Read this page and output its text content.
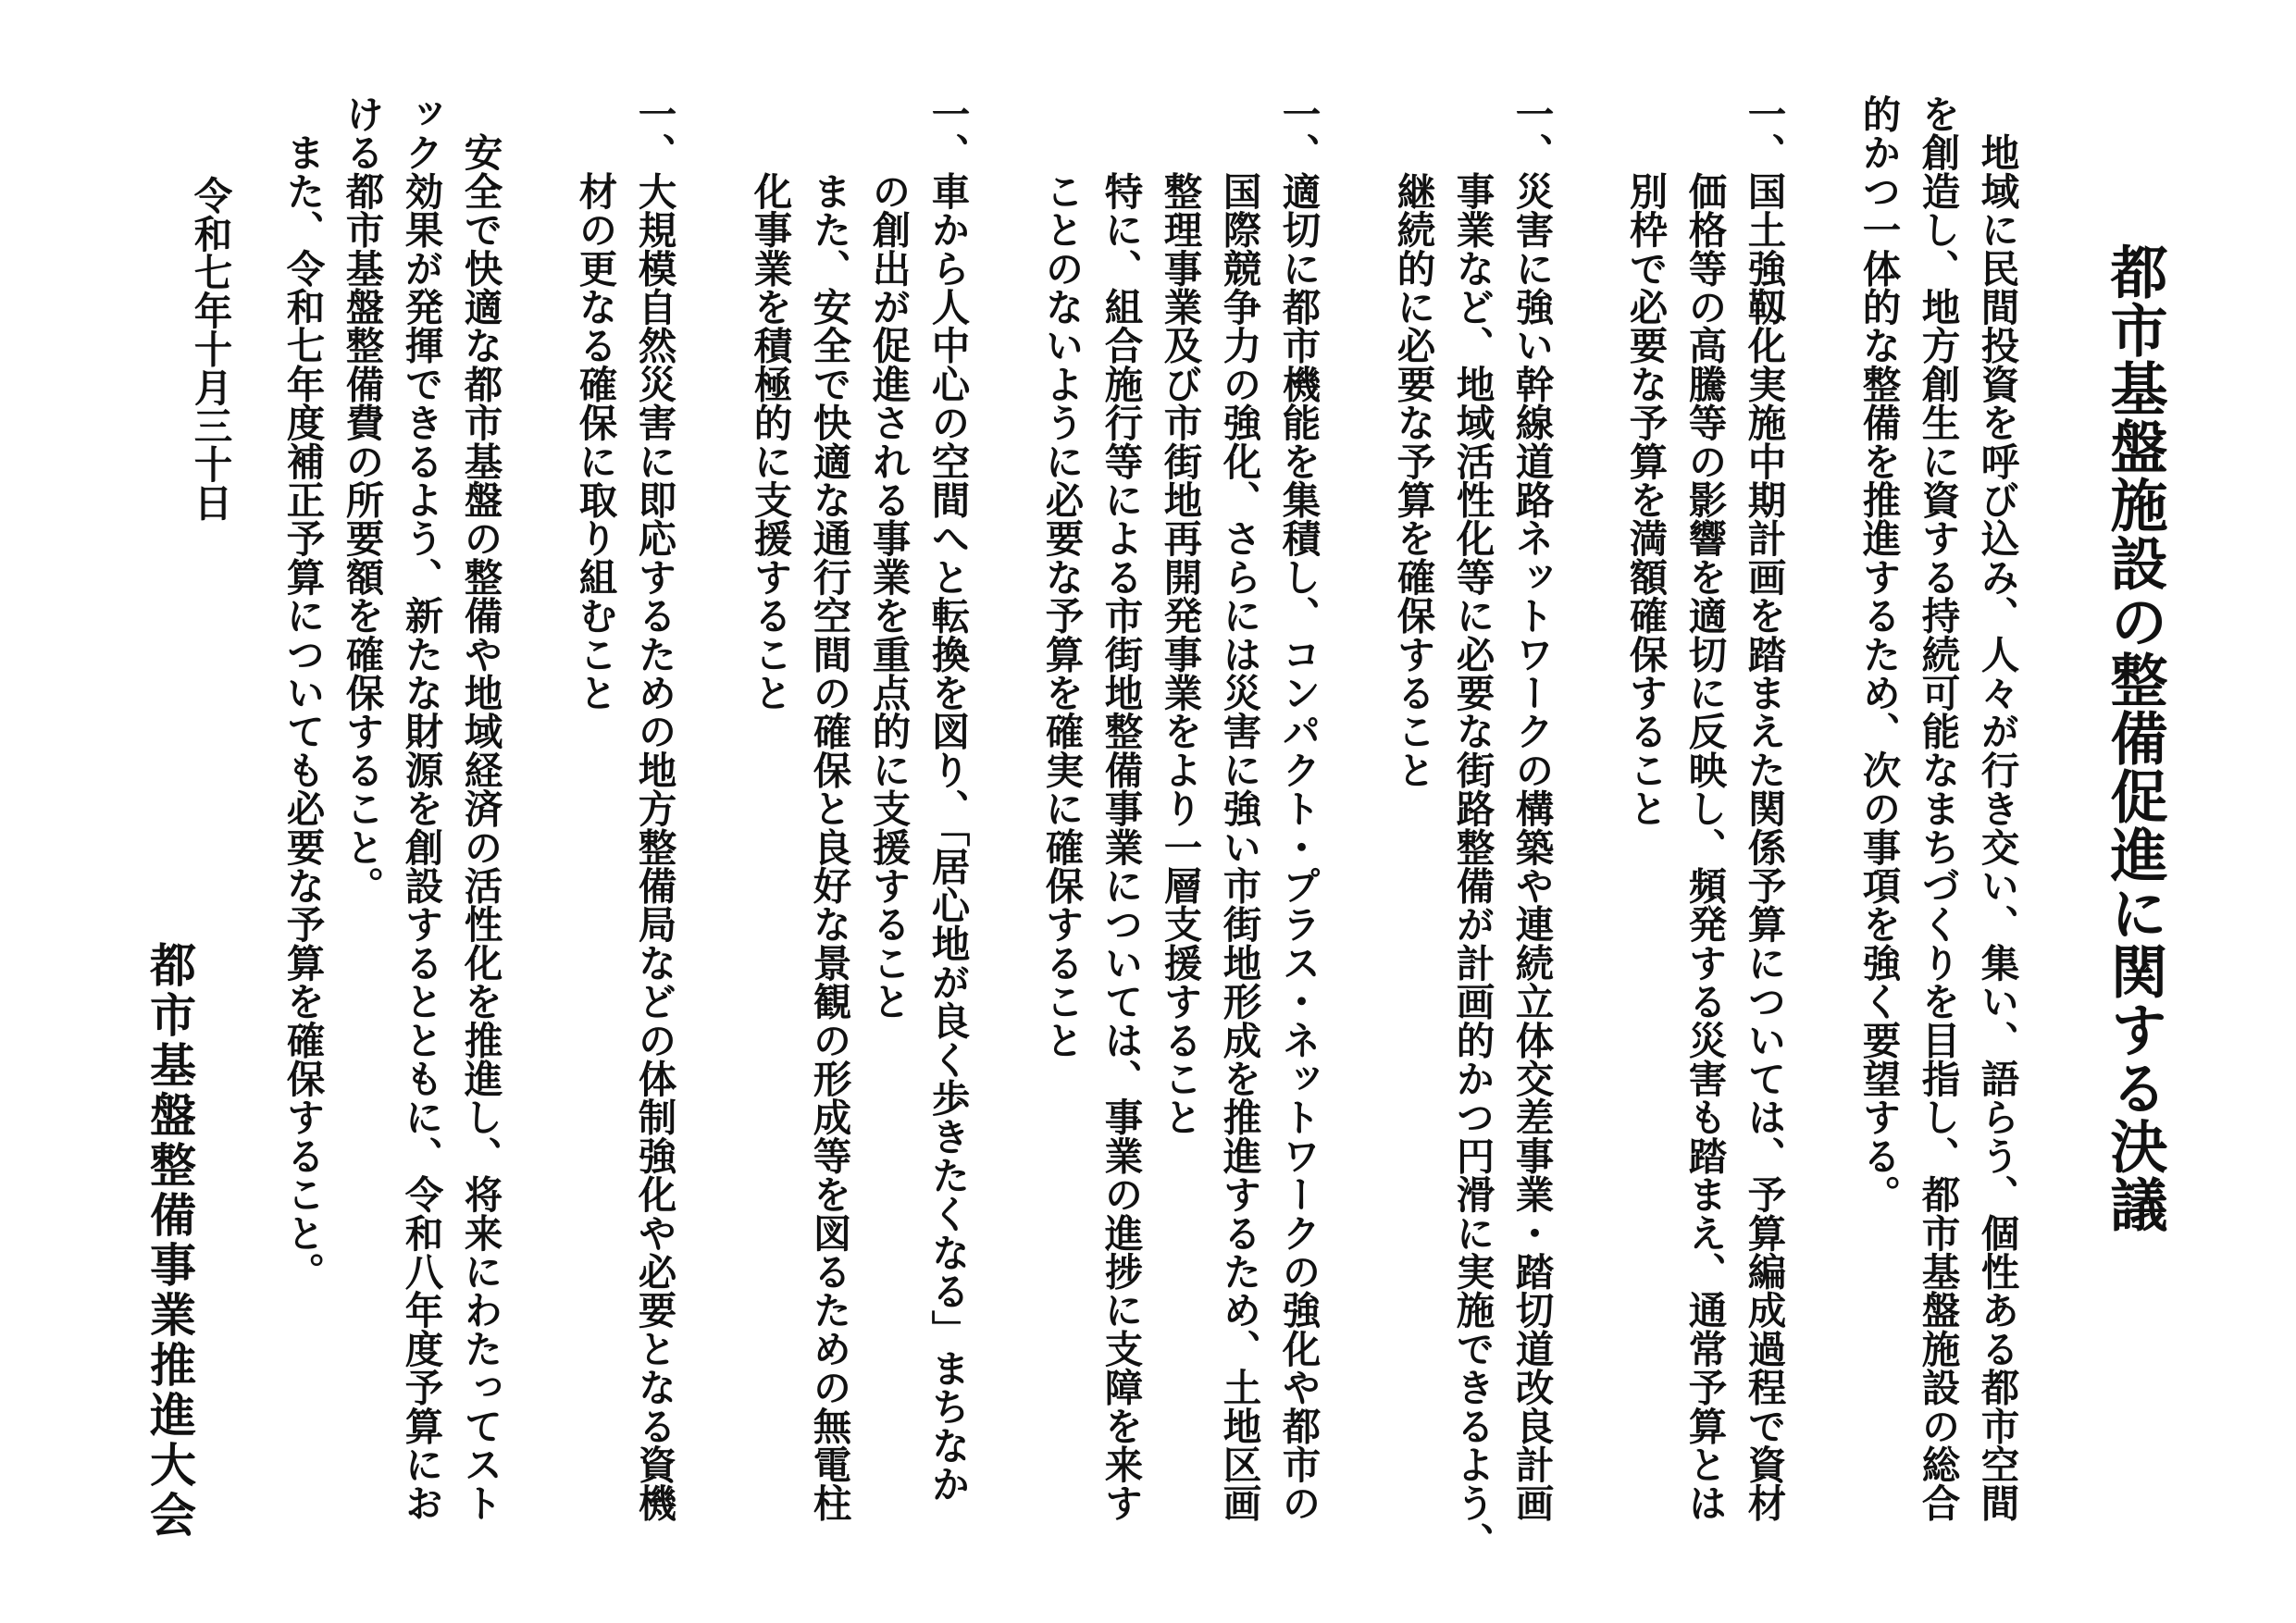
都市基盤施設の整備促進に関する決議
　地域に民間投資を呼び込み、人々が行き交い、集い、語らう、個性ある都市空間
を創造し、地方創生に資する持続可能なまちづくりを目指し、都市基盤施設の総合
的かつ一体的な整備を推進するため、次の事項を強く要望する。
一、国土強靱化実施中期計画を踏まえた関係予算については、予算編成過程で資材
　　価格等の高騰等の影響を適切に反映し、頻発する災害も踏まえ、通常予算とは
　　別枠で必要な予算を満額確保すること
一、災害に強い幹線道路ネットワークの構築や連続立体交差事業・踏切道改良計画
　　事業など、地域活性化等に必要な街路整備が計画的かつ円滑に実施できるよう、
　　継続的に必要な予算を確保すること
一、適切に都市機能を集積し、コンパクト・プラス・ネットワークの強化や都市の
　　国際競争力の強化、さらには災害に強い市街地形成を推進するため、土地区画
　　整理事業及び市街地再開発事業をより一層支援すること
　　特に、組合施行等による市街地整備事業については、事業の進捗に支障を来す
　　ことのないように必要な予算を確実に確保すること
一、車から人中心の空間へと転換を図り、「居心地が良く歩きたくなる」まちなか
　　の創出が促進される事業を重点的に支援すること
　　また、安全で快適な通行空間の確保と良好な景観の形成等を図るための無電柱
　　化事業を積極的に支援すること
一、大規模自然災害に即応するための地方整備局などの体制強化や必要となる資機
　　材の更なる確保に取り組むこと
　安全で快適な都市基盤の整備や地域経済の活性化を推進し、将来にわたってスト
ック効果が発揮できるよう、新たな財源を創設するとともに、令和八年度予算にお
ける都市基盤整備費の所要額を確保すること。
　また、令和七年度補正予算についても必要な予算を確保すること。
令和七年十月三十日
都市基盤整備事業推進大会
